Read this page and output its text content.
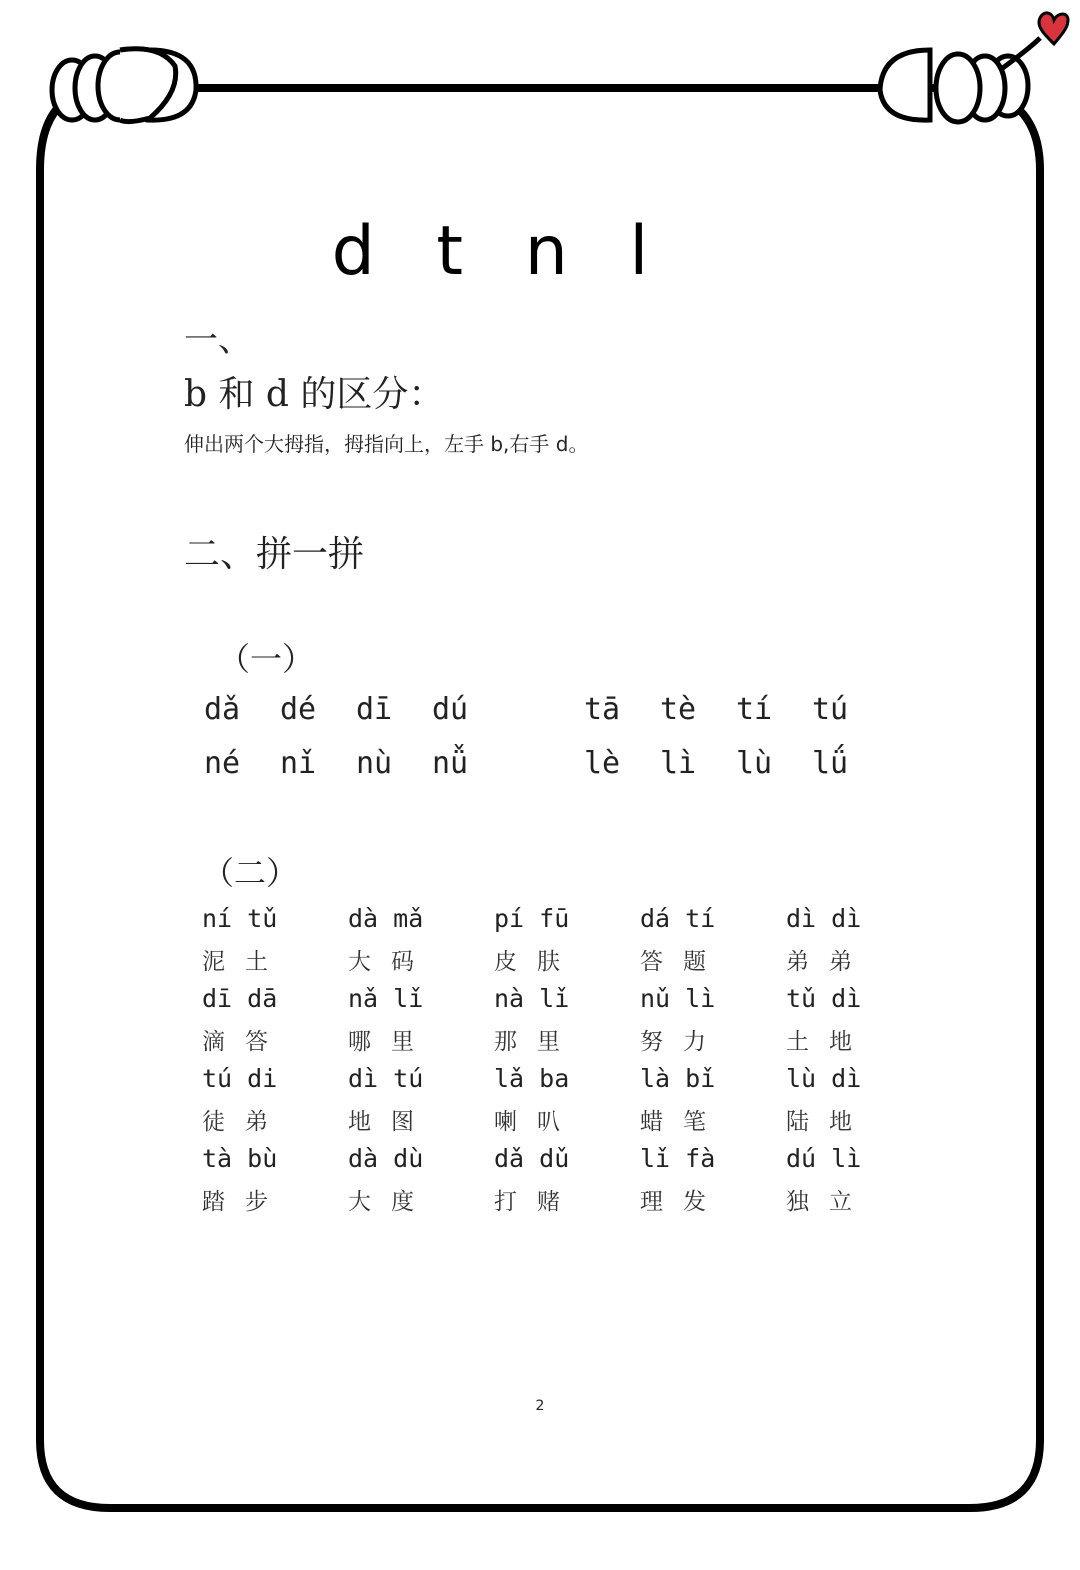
d t n l
一、
b 和 d 的区分：
伸出两个大拇指，拇指向上，左手 b,右手 d。
二、拼一拼
（一）
dǎ dé dī dú	tā tè tí tú
né nǐ nù nǚ	lè lì lù lǘ
（二）
ní tǔ
泥土
dà mǎ
大码
pí fū
皮肤
dá tí
答题
dì dì
弟弟
dī dā
滴答
nǎ lǐ
哪里
nà lǐ
那里
nǔ lì
努力
tǔ dì
土地
tú di
徒弟
dì tú
地图
lǎ ba
喇叭
là bǐ
蜡笔
lù dì
陆地
tà bù
踏步
dà dù
大度
dǎ dǔ
打赌
lǐ fà
理发
dú lì
独立
2
